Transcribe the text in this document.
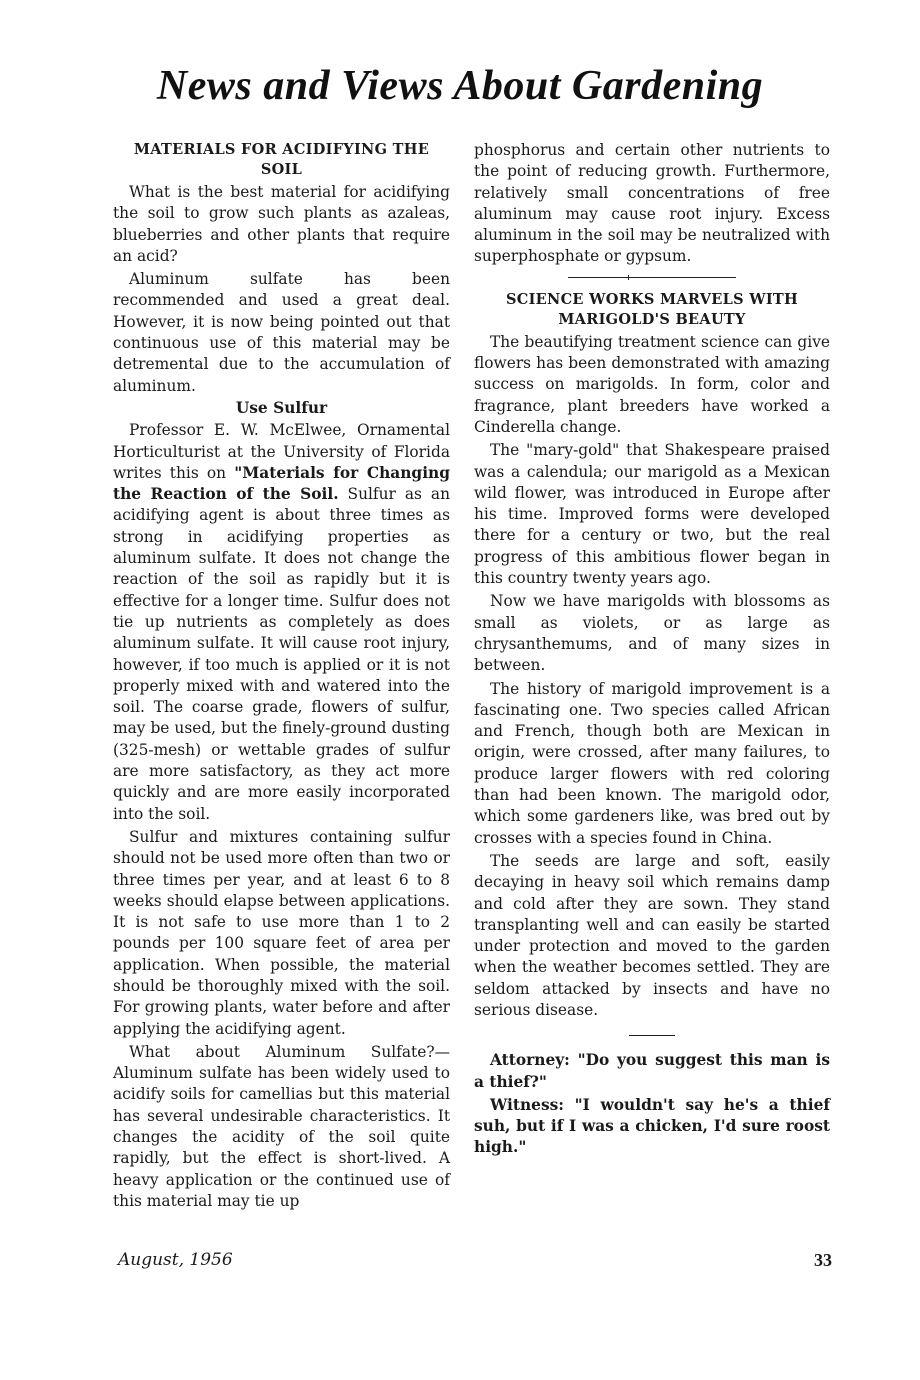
News and Views About Gardening
MATERIALS FOR ACIDIFYING THE SOIL

What is the best material for acidifying the soil to grow such plants as azaleas, blueberries and other plants that require an acid?

Aluminum sulfate has been recommended and used a great deal. However, it is now being pointed out that continuous use of this material may be detremental due to the accumulation of aluminum.

Use Sulfur

Professor E. W. McElwee, Ornamental Horticulturist at the University of Florida writes this on "Materials for Changing the Reaction of the Soil. Sulfur as an acidifying agent is about three times as strong in acidifying properties as aluminum sulfate. It does not change the reaction of the soil as rapidly but it is effective for a longer time. Sulfur does not tie up nutrients as completely as does aluminum sulfate. It will cause root injury, however, if too much is applied or it is not properly mixed with and watered into the soil. The coarse grade, flowers of sulfur, may be used, but the finely-ground dusting (325-mesh) or wettable grades of sulfur are more satisfactory, as they act more quickly and are more easily incorporated into the soil.

Sulfur and mixtures containing sulfur should not be used more often than two or three times per year, and at least 6 to 8 weeks should elapse between applications. It is not safe to use more than 1 to 2 pounds per 100 square feet of area per application. When possible, the material should be thoroughly mixed with the soil. For growing plants, water before and after applying the acidifying agent.

What about Aluminum Sulfate?—Aluminum sulfate has been widely used to acidify soils for camellias but this material has several undesirable characteristics. It changes the acidity of the soil quite rapidly, but the effect is short-lived. A heavy application or the continued use of this material may tie up

phosphorus and certain other nutrients to the point of reducing growth. Furthermore, relatively small concentrations of free aluminum may cause root injury. Excess aluminum in the soil may be neutralized with superphosphate or gypsum.

SCIENCE WORKS MARVELS WITH MARIGOLD'S BEAUTY

The beautifying treatment science can give flowers has been demonstrated with amazing success on marigolds. In form, color and fragrance, plant breeders have worked a Cinderella change.

The "mary-gold" that Shakespeare praised was a calendula; our marigold as a Mexican wild flower, was introduced in Europe after his time. Improved forms were developed there for a century or two, but the real progress of this ambitious flower began in this country twenty years ago.

Now we have marigolds with blossoms as small as violets, or as large as chrysanthemums, and of many sizes in between.

The history of marigold improvement is a fascinating one. Two species called African and French, though both are Mexican in origin, were crossed, after many failures, to produce larger flowers with red coloring than had been known. The marigold odor, which some gardeners like, was bred out by crosses with a species found in China.

The seeds are large and soft, easily decaying in heavy soil which remains damp and cold after they are sown. They stand transplanting well and can easily be started under protection and moved to the garden when the weather becomes settled. They are seldom attacked by insects and have no serious disease.

Attorney: "Do you suggest this man is a thief?"

Witness: "I wouldn't say he's a thief suh, but if I was a chicken, I'd sure roost high."

August, 1956	33
